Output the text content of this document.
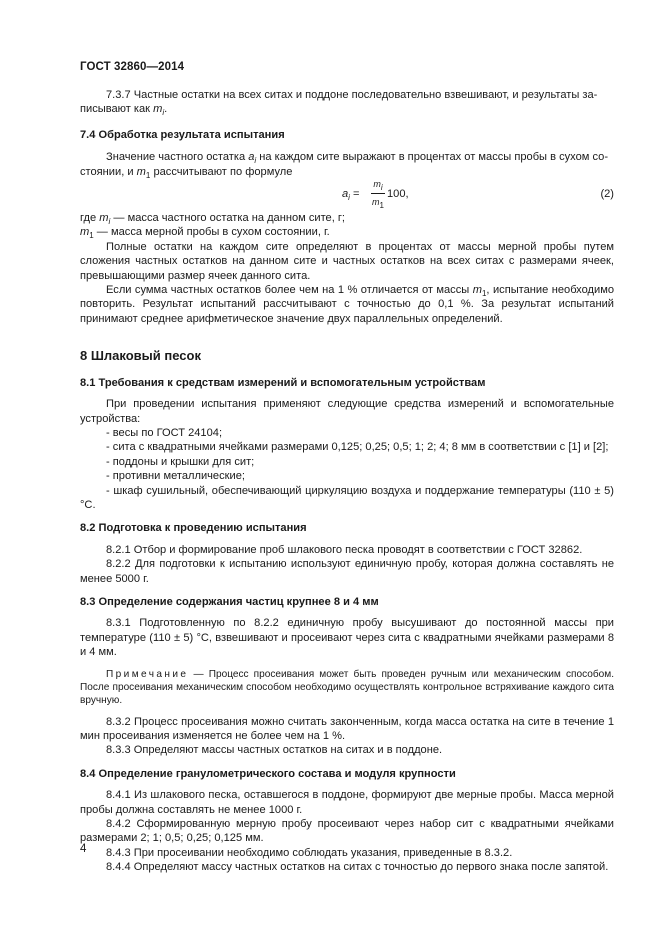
ГОСТ 32860—2014

7.3.7 Частные остатки на всех ситах и поддоне последовательно взвешивают, и результаты за-
писывают как $m_i$.

7.4 Обработка результата испытания

Значение частного остатка $a_i$ на каждом сите выражают в процентах от массы пробы в сухом со-
стоянии, и $m_1$ рассчитывают по формуле

$a_i$ =
$m_i$
$m_1$
100,	(2)

где $m_i$ — масса частного остатка на данном сите, г;

$m_1$ — масса мерной пробы в сухом состоянии, г.

Полные остатки на каждом сите определяют в процентах от массы мерной пробы путем сложения частных остатков на данном сите и частных остатков на всех ситах с размерами ячеек, превышающими размер ячеек данного сита.

Если сумма частных остатков более чем на 1 % отличается от массы $m_1$, испытание необходимо повторить. Результат испытаний рассчитывают с точностью до 0,1 %. За результат испытаний принимают среднее арифметическое значение двух параллельных определений.

8 Шлаковый песок

8.1 Требования к средствам измерений и вспомогательным устройствам

При проведении испытания применяют следующие средства измерений и вспомогательные устройства:

- весы по ГОСТ 24104;

- сита с квадратными ячейками размерами 0,125; 0,25; 0,5; 1; 2; 4; 8 мм в соответствии с [1] и [2];

- поддоны и крышки для сит;

- противни металлические;

- шкаф сушильный, обеспечивающий циркуляцию воздуха и поддержание температуры (110 ± 5) °С.

8.2 Подготовка к проведению испытания

8.2.1 Отбор и формирование проб шлакового песка проводят в соответствии с ГОСТ 32862.

8.2.2 Для подготовки к испытанию используют единичную пробу, которая должна составлять не менее 5000 г.

8.3 Определение содержания частиц крупнее 8 и 4 мм

8.3.1 Подготовленную по 8.2.2 единичную пробу высушивают до постоянной массы при температуре (110 ± 5) °С, взвешивают и просеивают через сита с квадратными ячейками размерами 8 и 4 мм.

Примечание — Процесс просеивания может быть проведен ручным или механическим способом. После просеивания механическим способом необходимо осуществлять контрольное встряхивание каждого сита вручную.

8.3.2 Процесс просеивания можно считать законченным, когда масса остатка на сите в течение 1 мин просеивания изменяется не более чем на 1 %.

8.3.3 Определяют массы частных остатков на ситах и в поддоне.

8.4 Определение гранулометрического состава и модуля крупности

8.4.1 Из шлакового песка, оставшегося в поддоне, формируют две мерные пробы. Масса мерной пробы должна составлять не менее 1000 г.

8.4.2 Сформированную мерную пробу просеивают через набор сит с квадратными ячейками размерами 2; 1; 0,5; 0,25; 0,125 мм.

8.4.3 При просеивании необходимо соблюдать указания, приведенные в 8.3.2.

8.4.4 Определяют массу частных остатков на ситах с точностью до первого знака после запятой.

4
